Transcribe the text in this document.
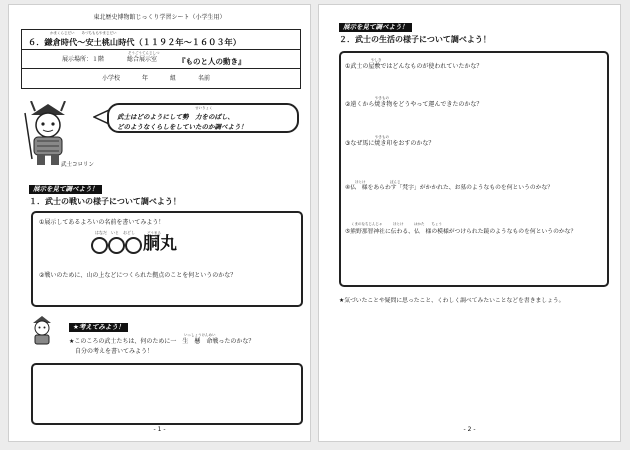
東北歴史博物館じっくり学習シート（小学生用）
かまくらじだい　　あづちももやまじだい
６．鎌倉時代～安土桃山時代（１１９２年～１６０３年）
そうごうてんじしつ
展示場所：１階	総合展示室	『ものと人の動き』
小学校	年	組	名前
武士コロリン
せいりょく
武士はどのようにして勢　力をのばし、
どのようなくらしをしていたのか調べよう！
展示を見て調べよう！
１．武士の戦いの様子について調べよう！
①展示してあるよろいの名前を書いてみよう！
はなだ　いと　おどし	どうまる
胴丸
②戦いのために、山の上などにつくられた拠点のことを何というのかな？
★考えてみよう！
いっしょうけんめい
★このころの武士たちは、何のために一　生　懸　命戦ったのかな？
自分の考えを書いてみよう！
- 1 -
展示を見て調べよう！
２．武士の生活の様子について調べよう！
やしき
①武士の屋敷ではどんなものが使われていたかな？
やきもの
②遠くから焼き物をどうやって運んできたのかな？
やきもの
③なぜ馬に焼き印をおすのかな？
ほとけ　　　　　　　ぼんじ
④仏　様をあらわす「梵字」がかかれた、お墓のようなものを何というのかな？
くまのなちじんじゃ　　　ほとけ　　　はかた　　ちょう
⑤熊野那智神社に伝わる、仏　様の模様がつけられた鏡のようなものを何というのかな？
★気づいたことや疑問に思ったこと、くわしく調べてみたいことなどを書きましょう。
- 2 -
